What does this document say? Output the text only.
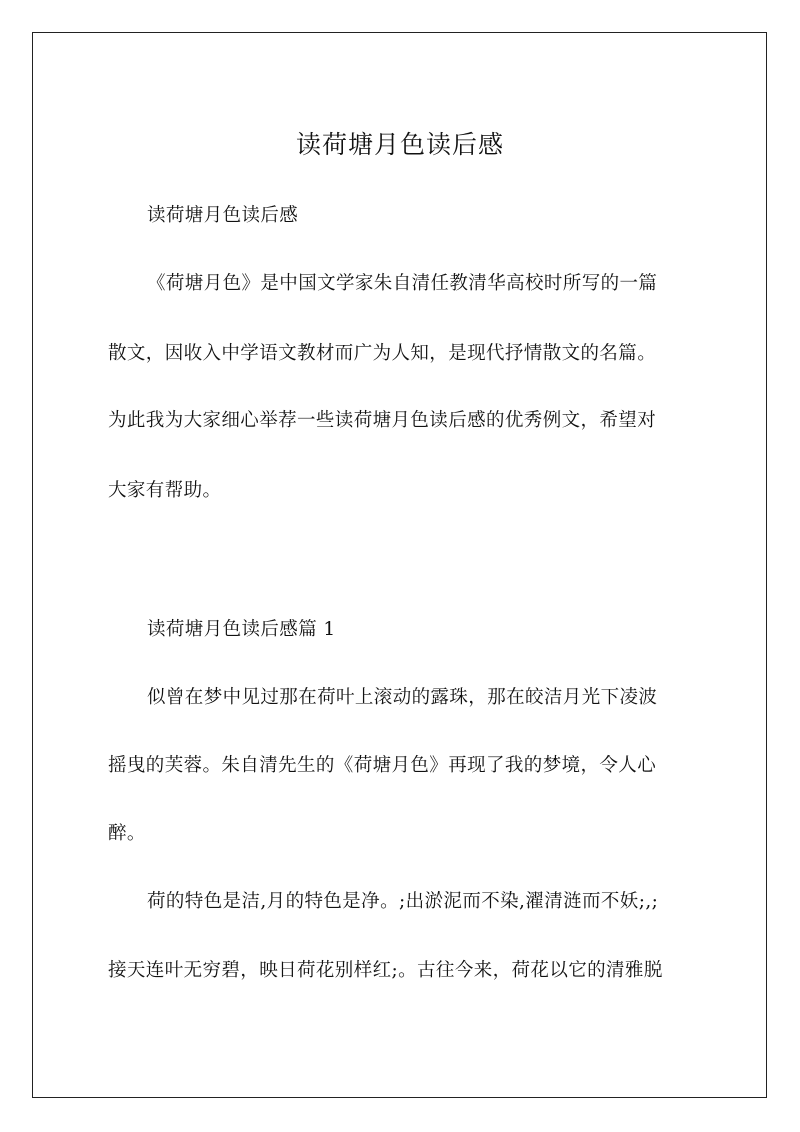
读荷塘月色读后感

读荷塘月色读后感

《荷塘月色》是中国文学家朱自清任教清华高校时所写的一篇

散文，因收入中学语文教材而广为人知，是现代抒情散文的名篇。

为此我为大家细心举荐一些读荷塘月色读后感的优秀例文，希望对

大家有帮助。

读荷塘月色读后感篇 1

似曾在梦中见过那在荷叶上滚动的露珠，那在皎洁月光下凌波

摇曳的芙蓉。朱自清先生的《荷塘月色》再现了我的梦境，令人心

醉。

荷的特色是洁,月的特色是净。;出淤泥而不染,濯清涟而不妖;,;

接天连叶无穷碧，映日荷花别样红;。古往今来，荷花以它的清雅脱
